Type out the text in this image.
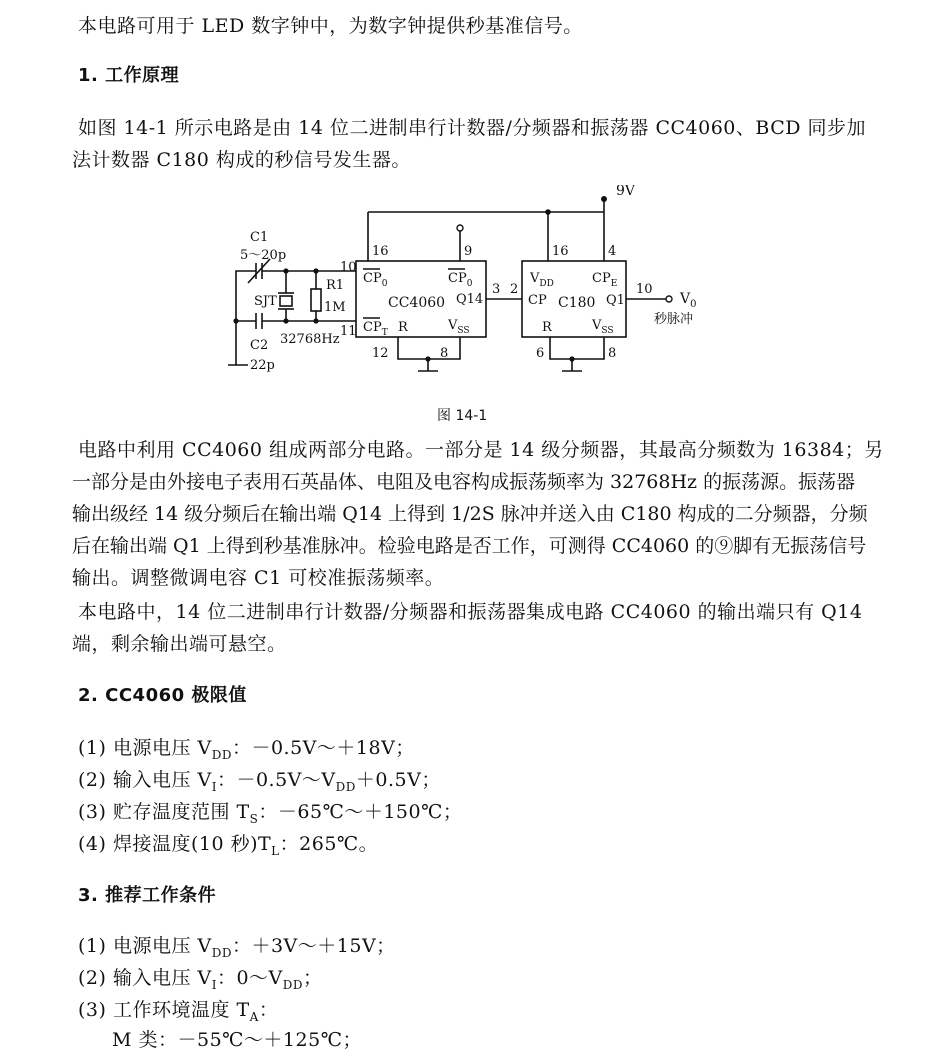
本电路可用于 LED 数字钟中，为数字钟提供秒基准信号。
1. 工作原理
如图 14-1 所示电路是由 14 位二进制串行计数器/分频器和振荡器 CC4060、BCD 同步加
法计数器 C180 构成的秒信号发生器。
9V
16	9
$CP_0$	$CP_0$
CC4060 Q14
$CP_T$ R	$V_{SS}$
10
11
12	8
3 2
16	4
$V_{DD}$	$CP_E$
CP C180 Q1
R	$V_{SS}$
6	8
10
$V_0$
秒脉冲
C1
5～20p
SJT
R1
1M
C2
22p
32768Hz
图 14-1
电路中利用 CC4060 组成两部分电路。一部分是 14 级分频器，其最高分频数为 16384；另
一部分是由外接电子表用石英晶体、电阻及电容构成振荡频率为 32768Hz 的振荡源。振荡器
输出级经 14 级分频后在输出端 Q14 上得到 1/2S 脉冲并送入由 C180 构成的二分频器，分频
后在输出端 Q1 上得到秒基准脉冲。检验电路是否工作，可测得 CC4060 的⑨脚有无振荡信号
输出。调整微调电容 C1 可校准振荡频率。
本电路中，14 位二进制串行计数器/分频器和振荡器集成电路 CC4060 的输出端只有 Q14
端，剩余输出端可悬空。
2. CC4060 极限值
(1) 电源电压 $V_{DD}$：－0.5V～＋18V；
(2) 输入电压 $V_I$：$-0.5V\sim V_{DD}+0.5V$；
(3) 贮存温度范围 $T_S$：－65℃～＋150℃；
(4) 焊接温度(10 秒)$T_L$：265℃。
3. 推荐工作条件
(1) 电源电压 $V_{DD}$：＋3V～＋15V；
(2) 输入电压 $V_I$：$0\sim V_{DD}$；
(3) 工作环境温度 $T_A$：
M 类：－55℃～＋125℃；
